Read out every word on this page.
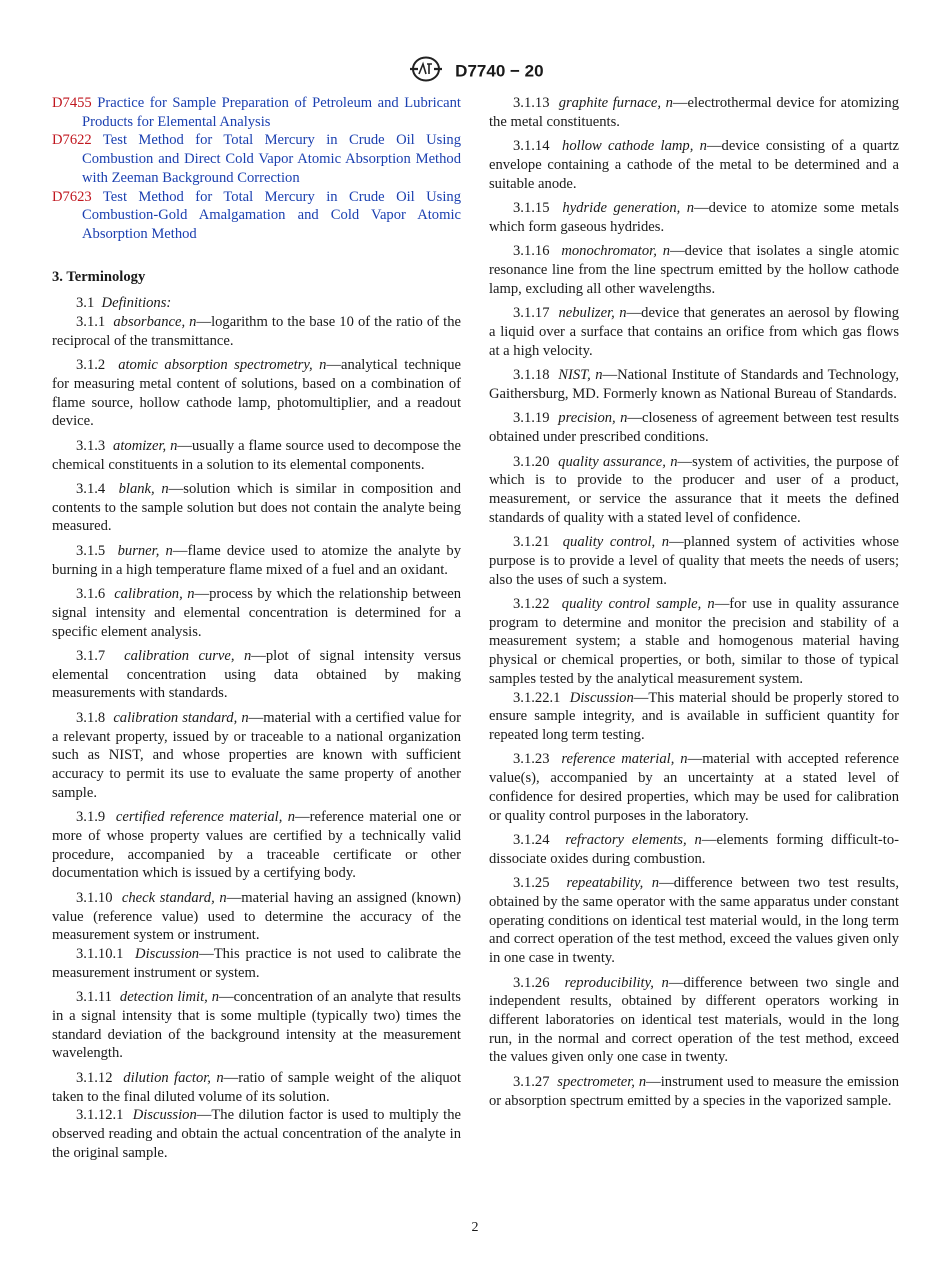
D7740 − 20

D7455 Practice for Sample Preparation of Petroleum and Lubricant Products for Elemental Analysis

D7622 Test Method for Total Mercury in Crude Oil Using Combustion and Direct Cold Vapor Atomic Absorption Method with Zeeman Background Correction

D7623 Test Method for Total Mercury in Crude Oil Using Combustion-Gold Amalgamation and Cold Vapor Atomic Absorption Method

3. Terminology

3.1 Definitions:

3.1.1 absorbance, n—logarithm to the base 10 of the ratio of the reciprocal of the transmittance.

3.1.2 atomic absorption spectrometry, n—analytical technique for measuring metal content of solutions, based on a combination of flame source, hollow cathode lamp, photomultiplier, and a readout device.

3.1.3 atomizer, n—usually a flame source used to decompose the chemical constituents in a solution to its elemental components.

3.1.4 blank, n—solution which is similar in composition and contents to the sample solution but does not contain the analyte being measured.

3.1.5 burner, n—flame device used to atomize the analyte by burning in a high temperature flame mixed of a fuel and an oxidant.

3.1.6 calibration, n—process by which the relationship between signal intensity and elemental concentration is determined for a specific element analysis.

3.1.7 calibration curve, n—plot of signal intensity versus elemental concentration using data obtained by making measurements with standards.

3.1.8 calibration standard, n—material with a certified value for a relevant property, issued by or traceable to a national organization such as NIST, and whose properties are known with sufficient accuracy to permit its use to evaluate the same property of another sample.

3.1.9 certified reference material, n—reference material one or more of whose property values are certified by a technically valid procedure, accompanied by a traceable certificate or other documentation which is issued by a certifying body.

3.1.10 check standard, n—material having an assigned (known) value (reference value) used to determine the accuracy of the measurement system or instrument.

3.1.10.1 Discussion—This practice is not used to calibrate the measurement instrument or system.

3.1.11 detection limit, n—concentration of an analyte that results in a signal intensity that is some multiple (typically two) times the standard deviation of the background intensity at the measurement wavelength.

3.1.12 dilution factor, n—ratio of sample weight of the aliquot taken to the final diluted volume of its solution.

3.1.12.1 Discussion—The dilution factor is used to multiply the observed reading and obtain the actual concentration of the analyte in the original sample.

3.1.13 graphite furnace, n—electrothermal device for atomizing the metal constituents.

3.1.14 hollow cathode lamp, n—device consisting of a quartz envelope containing a cathode of the metal to be determined and a suitable anode.

3.1.15 hydride generation, n—device to atomize some metals which form gaseous hydrides.

3.1.16 monochromator, n—device that isolates a single atomic resonance line from the line spectrum emitted by the hollow cathode lamp, excluding all other wavelengths.

3.1.17 nebulizer, n—device that generates an aerosol by flowing a liquid over a surface that contains an orifice from which gas flows at a high velocity.

3.1.18 NIST, n—National Institute of Standards and Technology, Gaithersburg, MD. Formerly known as National Bureau of Standards.

3.1.19 precision, n—closeness of agreement between test results obtained under prescribed conditions.

3.1.20 quality assurance, n—system of activities, the purpose of which is to provide to the producer and user of a product, measurement, or service the assurance that it meets the defined standards of quality with a stated level of confidence.

3.1.21 quality control, n—planned system of activities whose purpose is to provide a level of quality that meets the needs of users; also the uses of such a system.

3.1.22 quality control sample, n—for use in quality assurance program to determine and monitor the precision and stability of a measurement system; a stable and homogenous material having physical or chemical properties, or both, similar to those of typical samples tested by the analytical measurement system.

3.1.22.1 Discussion—This material should be properly stored to ensure sample integrity, and is available in sufficient quantity for repeated long term testing.

3.1.23 reference material, n—material with accepted reference value(s), accompanied by an uncertainty at a stated level of confidence for desired properties, which may be used for calibration or quality control purposes in the laboratory.

3.1.24 refractory elements, n—elements forming difficult-to-dissociate oxides during combustion.

3.1.25 repeatability, n—difference between two test results, obtained by the same operator with the same apparatus under constant operating conditions on identical test material would, in the long term and correct operation of the test method, exceed the values given only in one case in twenty.

3.1.26 reproducibility, n—difference between two single and independent results, obtained by different operators working in different laboratories on identical test materials, would in the long run, in the normal and correct operation of the test method, exceed the values given only one case in twenty.

3.1.27 spectrometer, n—instrument used to measure the emission or absorption spectrum emitted by a species in the vaporized sample.

2
